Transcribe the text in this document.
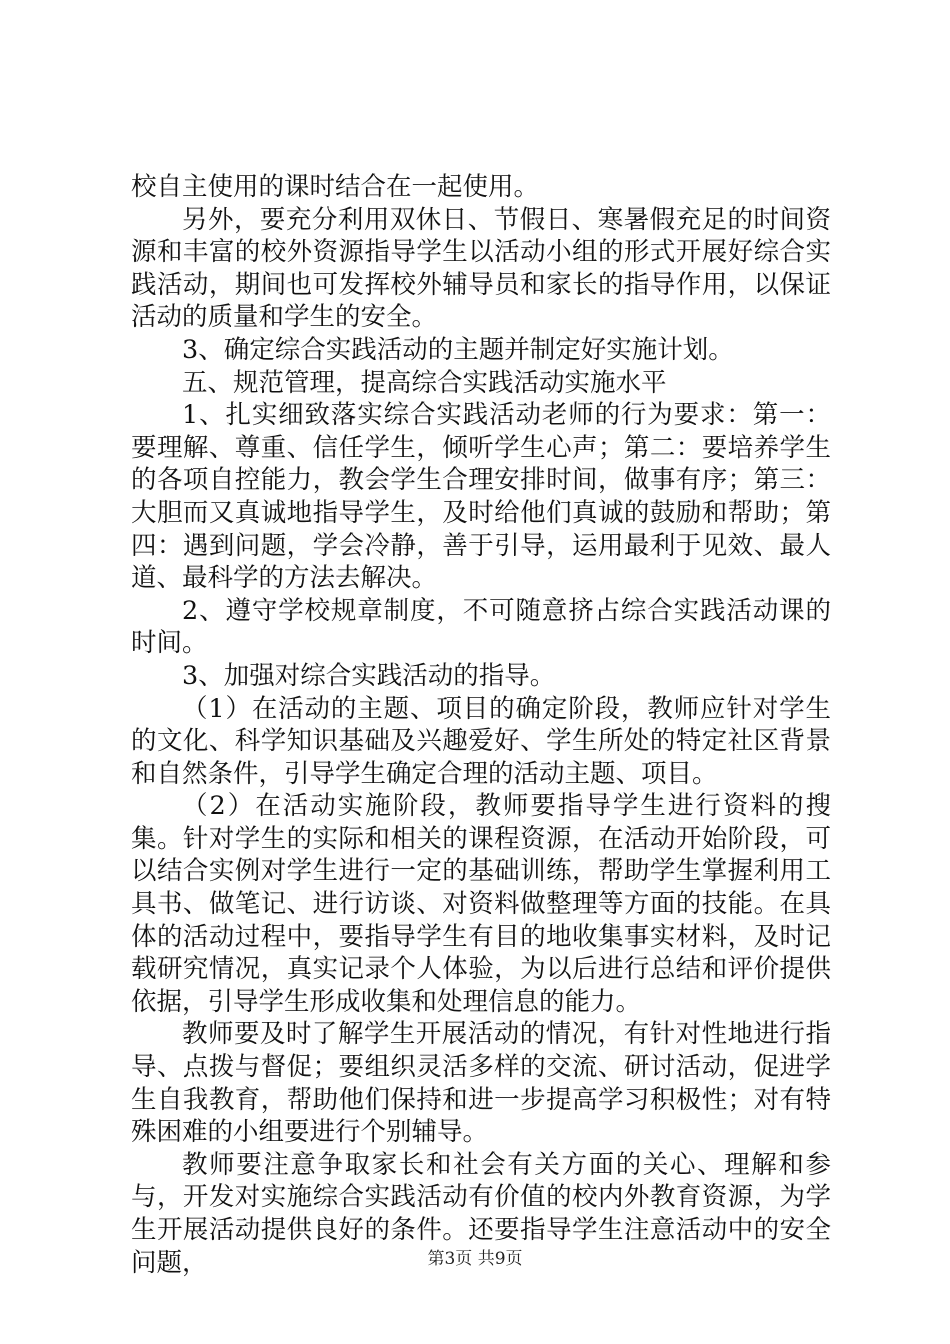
校自主使用的课时结合在一起使用。

另外，要充分利用双休日、节假日、寒暑假充足的时间资源和丰富的校外资源指导学生以活动小组的形式开展好综合实践活动，期间也可发挥校外辅导员和家长的指导作用，以保证活动的质量和学生的安全。

3、确定综合实践活动的主题并制定好实施计划。

五、规范管理，提高综合实践活动实施水平

1、扎实细致落实综合实践活动老师的行为要求：第一：要理解、尊重、信任学生，倾听学生心声；第二：要培养学生的各项自控能力，教会学生合理安排时间，做事有序；第三：大胆而又真诚地指导学生，及时给他们真诚的鼓励和帮助；第四：遇到问题，学会冷静，善于引导，运用最利于见效、最人道、最科学的方法去解决。

2、遵守学校规章制度，不可随意挤占综合实践活动课的时间。

3、加强对综合实践活动的指导。

（1）在活动的主题、项目的确定阶段，教师应针对学生的文化、科学知识基础及兴趣爱好、学生所处的特定社区背景和自然条件，引导学生确定合理的活动主题、项目。

（2）在活动实施阶段，教师要指导学生进行资料的搜集。针对学生的实际和相关的课程资源，在活动开始阶段，可以结合实例对学生进行一定的基础训练，帮助学生掌握利用工具书、做笔记、进行访谈、对资料做整理等方面的技能。在具体的活动过程中，要指导学生有目的地收集事实材料，及时记载研究情况，真实记录个人体验，为以后进行总结和评价提供依据，引导学生形成收集和处理信息的能力。

教师要及时了解学生开展活动的情况，有针对性地进行指导、点拨与督促；要组织灵活多样的交流、研讨活动，促进学生自我教育，帮助他们保持和进一步提高学习积极性；对有特殊困难的小组要进行个别辅导。

教师要注意争取家长和社会有关方面的关心、理解和参与，开发对实施综合实践活动有价值的校内外教育资源，为学生开展活动提供良好的条件。还要指导学生注意活动中的安全问题，	第3页 共9页
